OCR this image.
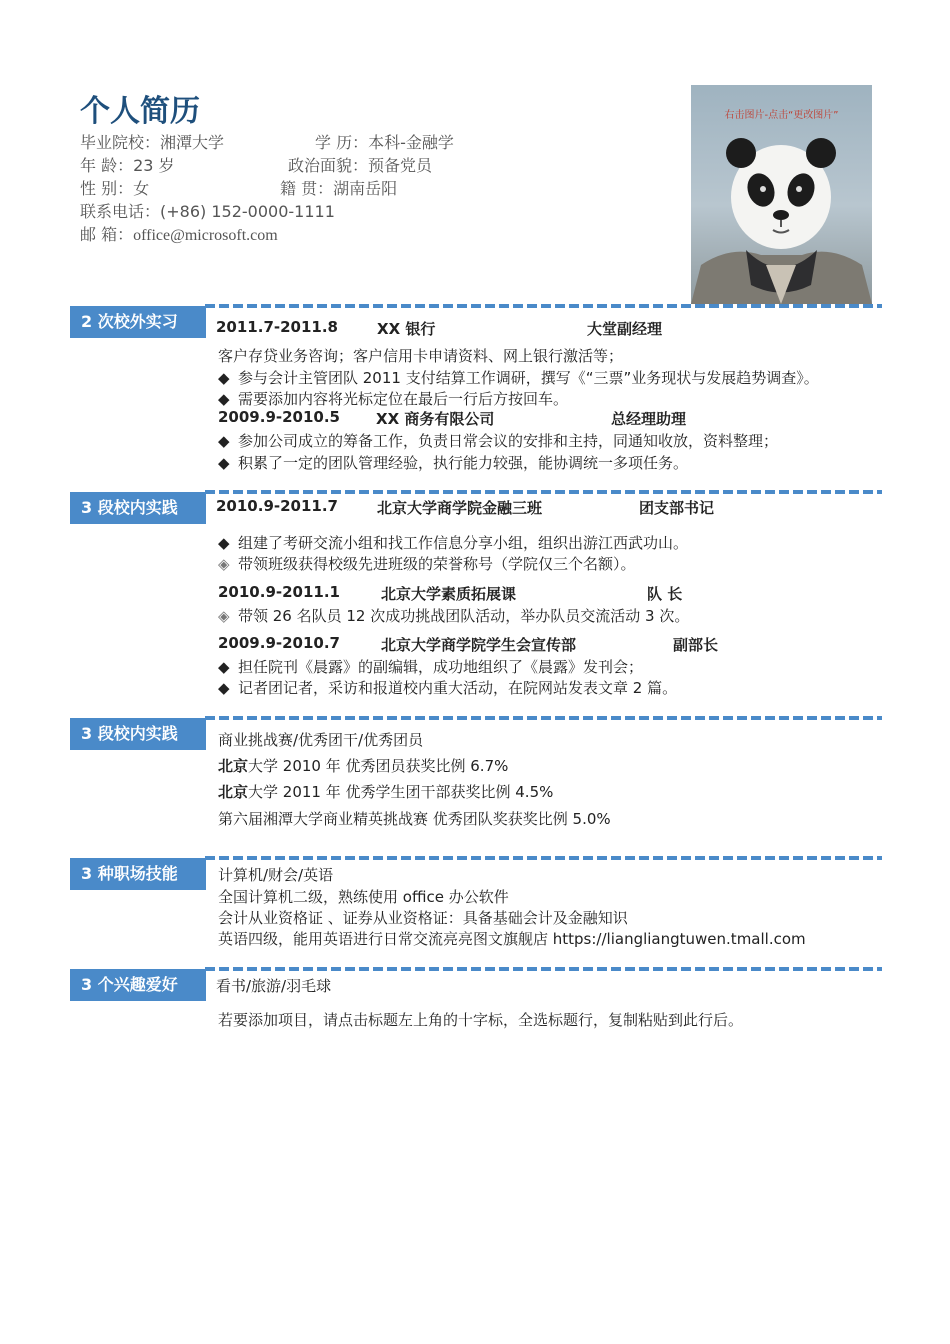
个人简历
毕业院校：湘潭大学	学 历：本科-金融学
年 龄：23 岁	政治面貌：预备党员
性 别：女	籍 贯：湖南岳阳
联系电话：(+86) 152-0000-1111
邮 箱：office@microsoft.com
右击图片-点击“更改图片”
2 次校外实习	2011.7-2011.8	XX 银行	大堂副经理
客户存贷业务咨询；客户信用卡申请资料、网上银行激活等；
◆ 参与会计主管团队 2011 支付结算工作调研，撰写《“三票”业务现状与发展趋势调查》。
◆ 需要添加内容将光标定位在最后一行后方按回车。
2009.9-2010.5 XX 商务有限公司	总经理助理
◆ 参加公司成立的筹备工作，负责日常会议的安排和主持，同通知收放，资料整理；
◆ 积累了一定的团队管理经验，执行能力较强，能协调统一多项任务。
3 段校内实践	2010.9-2011.7	北京大学商学院金融三班	团支部书记
◆ 组建了考研交流小组和找工作信息分享小组，组织出游江西武功山。
◈ 带领班级获得校级先进班级的荣誉称号（学院仅三个名额）。
2010.9-2011.1	北京大学素质拓展课	队 长
◈ 带领 26 名队员 12 次成功挑战团队活动，举办队员交流活动 3 次。
2009.9-2010.7	北京大学商学院学生会宣传部	副部长
◆ 担任院刊《晨露》的副编辑，成功地组织了《晨露》发刊会；
◆ 记者团记者，采访和报道校内重大活动，在院网站发表文章 2 篇。
3 段校内实践	商业挑战赛/优秀团干/优秀团员
北京大学 2010 年 优秀团员获奖比例 6.7%
北京大学 2011 年 优秀学生团干部获奖比例 4.5%
第六届湘潭大学商业精英挑战赛 优秀团队奖获奖比例 5.0%
3 种职场技能	计算机/财会/英语
全国计算机二级，熟练使用 office 办公软件
会计从业资格证 、证券从业资格证：具备基础会计及金融知识
英语四级，能用英语进行日常交流亮亮图文旗舰店 https://liangliangtuwen.tmall.com
3 个兴趣爱好	看书/旅游/羽毛球
若要添加项目，请点击标题左上角的十字标，全选标题行，复制粘贴到此行后。
